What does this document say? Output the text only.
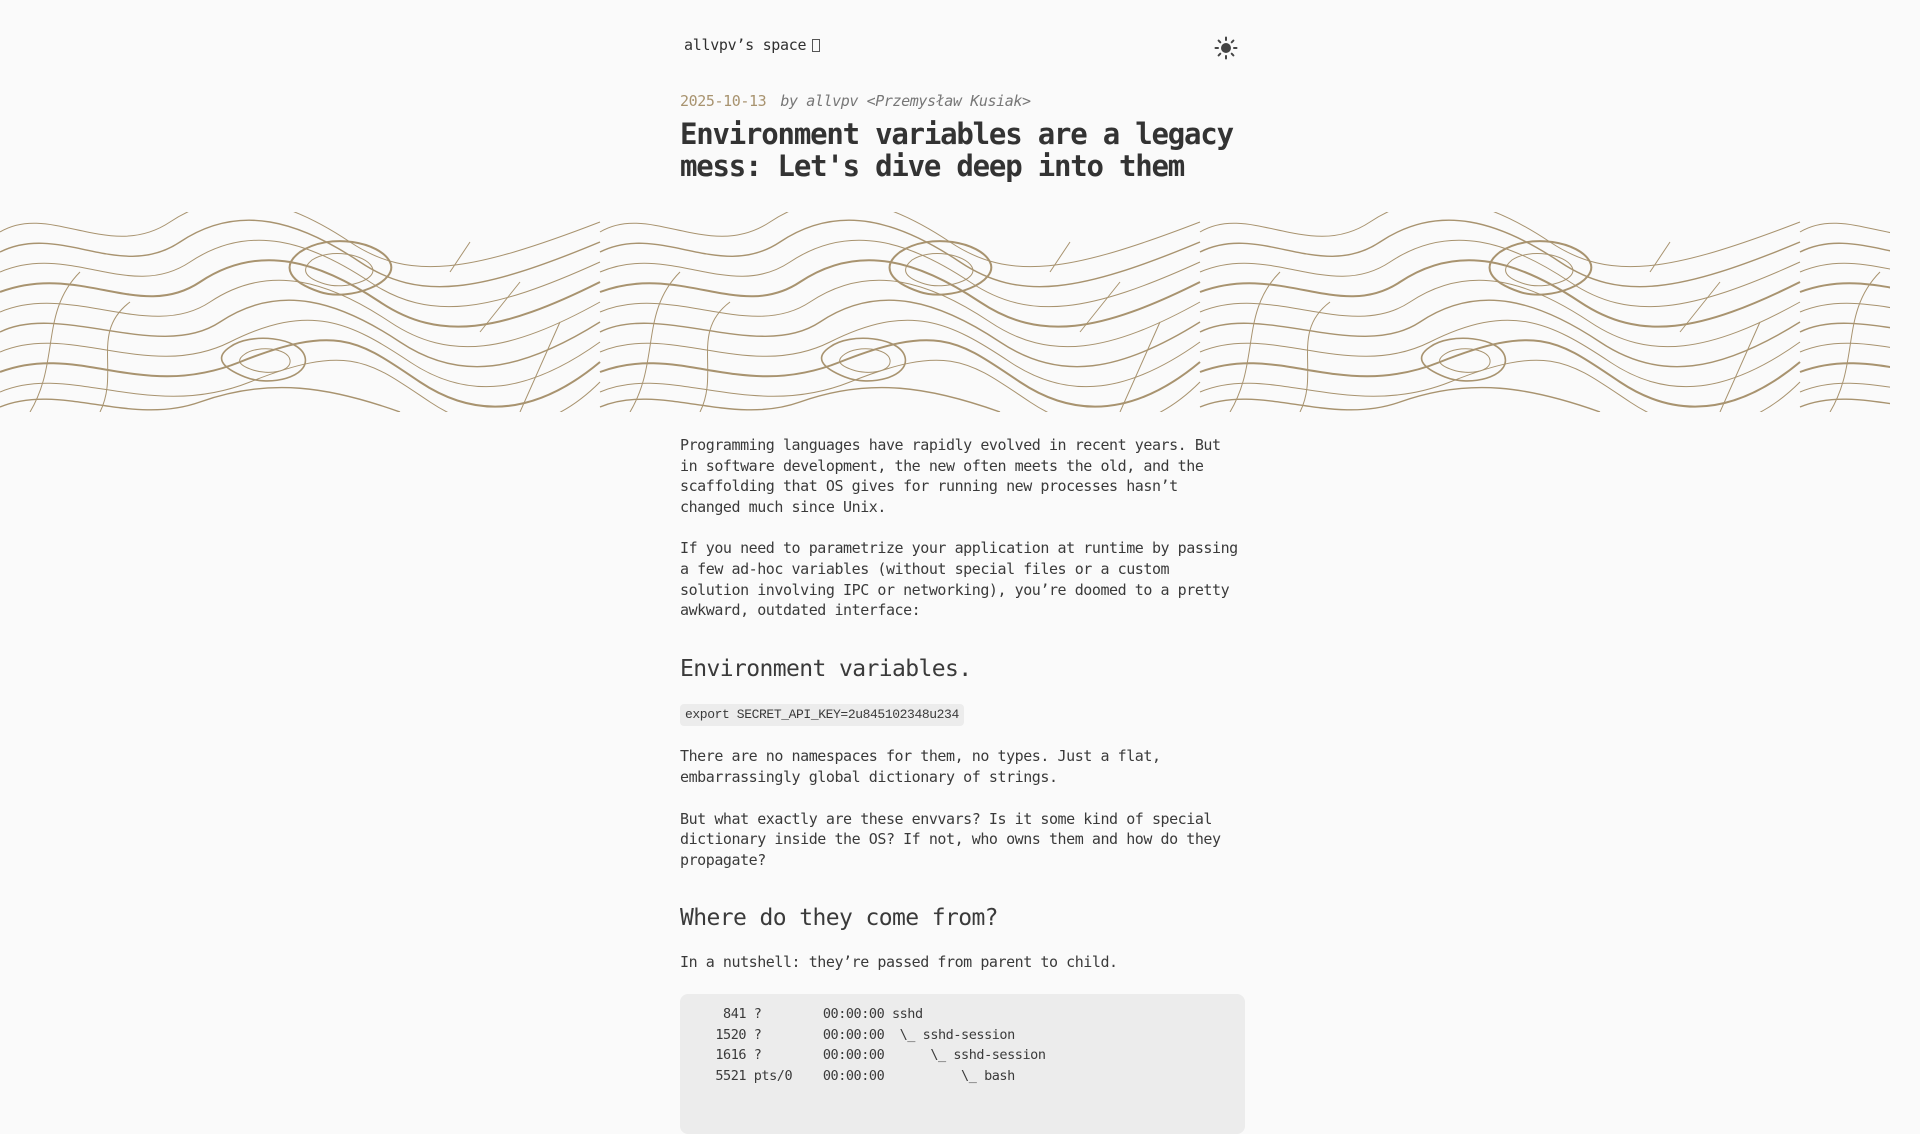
allvpv’s space
2025-10-13 by allvpv <Przemysław Kusiak>
Environment variables are a legacy mess: Let's dive deep into them

Programming languages have rapidly evolved in recent years. But in software development, the new often meets the old, and the scaffolding that OS gives for running new processes hasn’t changed much since Unix.

If you need to parametrize your application at runtime by passing a few ad-hoc variables (without special files or a custom solution involving IPC or networking), you’re doomed to a pretty awkward, outdated interface:

Environment variables.
export SECRET_API_KEY=2u845102348u234

There are no namespaces for them, no types. Just a flat, embarrassingly global dictionary of strings.

But what exactly are these envvars? Is it some kind of special dictionary inside the OS? If not, who owns them and how do they propagate?

Where do they come from?

In a nutshell: they’re passed from parent to child.

841 ?        00:00:00 sshd
1520 ?        00:00:00  \_ sshd-session
1616 ?        00:00:00      \_ sshd-session
5521 pts/0    00:00:00          \_ bash
